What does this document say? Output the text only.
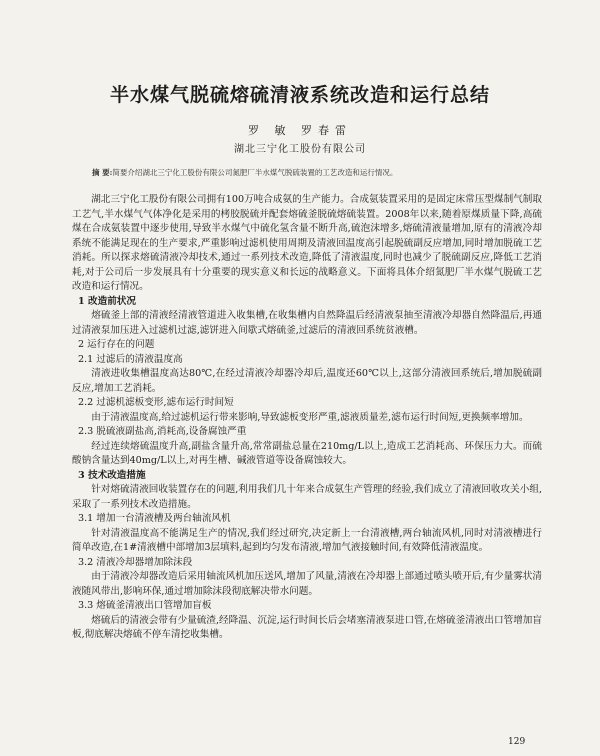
半水煤气脱硫熔硫清液系统改造和运行总结
罗 敏 罗春雷
湖北三宁化工股份有限公司
摘 要:简要介绍湖北三宁化工股份有限公司氮肥厂半水煤气脱硫装置的工艺改造和运行情况。

湖北三宁化工股份有限公司拥有100万吨合成氨的生产能力。合成氨装置采用的是固定床常压型煤制气制取工艺气,半水煤气气体净化是采用的栲胶脱硫并配套熔硫釜脱硫熔硫装置。2008年以来,随着原煤质量下降,高硫煤在合成氨装置中逐步使用,导致半水煤气中硫化氢含量不断升高,硫泡沫增多,熔硫清液量增加,原有的清液冷却系统不能满足现在的生产要求,严重影响过滤机使用周期及清液回温度高引起脱硫副反应增加,同时增加脱硫工艺消耗。所以探求熔硫清液冷却技术,通过一系列技术改造,降低了清液温度,同时也减少了脱硫副反应,降低工艺消耗,对于公司后一步发展具有十分重要的现实意义和长远的战略意义。下面将具体介绍氮肥厂半水煤气脱硫工艺改造和运行情况。

1 改造前状况

熔硫釜上部的清液经清液管道进入收集槽,在收集槽内自然降温后经清液泵抽至清液冷却器自然降温后,再通过清液泵加压进入过滤机过滤,滤饼进入间歇式熔硫釜,过滤后的清液回系统贫液槽。

2 运行存在的问题
2.1 过滤后的清液温度高

清液进收集槽温度高达80℃,在经过清液冷却器冷却后,温度还60℃以上,这部分清液回系统后,增加脱硫副反应,增加工艺消耗。

2.2 过滤机滤板变形,滤布运行时间短

由于清液温度高,给过滤机运行带来影响,导致滤板变形严重,滤液质量差,滤布运行时间短,更换频率增加。

2.3 脱硫液副盐高,消耗高,设备腐蚀严重

经过连续熔硫温度升高,副盐含量升高,常常副盐总量在210mg/L以上,造成工艺消耗高、环保压力大。而硫酸钠含量达到40mg/L以上,对再生槽、碱液管道等设备腐蚀较大。

3 技术改造措施

针对熔硫清液回收装置存在的问题,利用我们几十年来合成氨生产管理的经验,我们成立了清液回收攻关小组,采取了一系列技术改造措施。

3.1 增加一台清液槽及两台轴流风机

针对清液温度高不能满足生产的情况,我们经过研究,决定新上一台清液槽,两台轴流风机,同时对清液槽进行简单改造,在1#清液槽中部增加3层填料,起到均匀发布清液,增加气液接触时间,有效降低清液温度。

3.2 清液冷却器增加除沫段

由于清液冷却器改造后采用轴流风机加压送风,增加了风量,清液在冷却器上部通过喷头喷开后,有少量雾状清液随风带出,影响环保,通过增加除沫段彻底解决带水问题。

3.3 熔硫釜清液出口管增加盲板

熔硫后的清液会带有少量硫渣,经降温、沉淀,运行时间长后会堵塞清液泵进口管,在熔硫釜清液出口管增加盲板,彻底解决熔硫不停车清挖收集槽。

129
